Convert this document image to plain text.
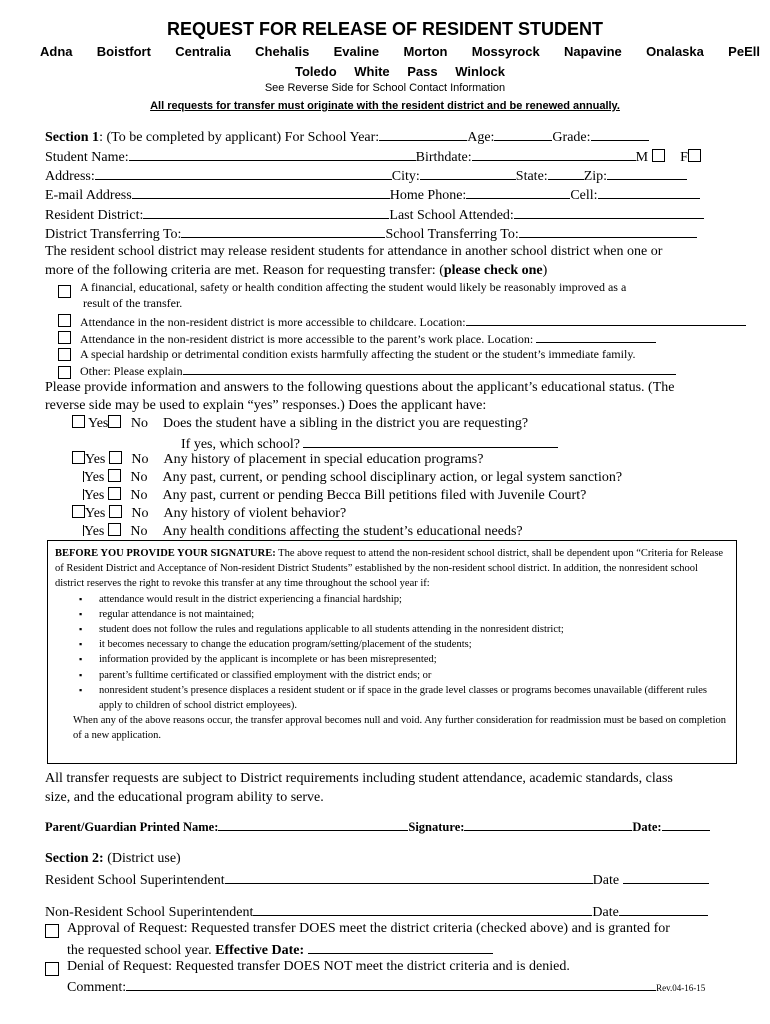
REQUEST FOR RELEASE OF RESIDENT STUDENT
Adna Boistfort Centralia Chehalis Evaline Morton Mossyrock Napavine Onalaska PeEll
Toledo White Pass Winlock
See Reverse Side for School Contact Information
All requests for transfer must originate with the resident district and be renewed annually.
Section 1: (To be completed by applicant) For School Year:	Age:	Grade:
Student Name:	Birthdate:	M F
Address:	City:	State:	Zip:
E-mail Address	Home Phone:	Cell:
Resident District:	Last School Attended:
District Transferring To:	School Transferring To:
The resident school district may release resident students for attendance in another school district when one or
more of the following criteria are met. Reason for requesting transfer: (please check one)
A financial, educational, safety or health condition affecting the student would likely be reasonably improved as a
result of the transfer.
Attendance in the non-resident district is more accessible to childcare. Location:
Attendance in the non-resident district is more accessible to the parent’s work place. Location:
A special hardship or detrimental condition exists harmfully affecting the student or the student’s immediate family.
Other: Please explain
Please provide information and answers to the following questions about the applicant’s educational status. (The
reverse side may be used to explain “yes” responses.) Does the applicant have:
Yes No Does the student have a sibling in the district you are requesting?
If yes, which school?
Yes No Any history of placement in special education programs?
Yes No Any past, current, or pending school disciplinary action, or legal system sanction?
Yes No Any past, current or pending Becca Bill petitions filed with Juvenile Court?
Yes No Any history of violent behavior?
Yes No Any health conditions affecting the student’s educational needs?
BEFORE YOU PROVIDE YOUR SIGNATURE: The above request to attend the non-resident school district, shall be dependent upon “Criteria for Release of Resident District and Acceptance of Non-resident District Students” established by the non-resident school district. In addition, the nonresident school district reserves the right to revoke this transfer at any time throughout the school year if:
▪ attendance would result in the district experiencing a financial hardship;
▪ regular attendance is not maintained;
▪ student does not follow the rules and regulations applicable to all students attending in the nonresident district;
▪ it becomes necessary to change the education program/setting/placement of the students;
▪ information provided by the applicant is incomplete or has been misrepresented;
▪ parent’s fulltime certificated or classified employment with the district ends; or
▪ nonresident student’s presence displaces a resident student or if space in the grade level classes or programs becomes unavailable (different rules apply to children of school district employees).
When any of the above reasons occur, the transfer approval becomes null and void. Any further consideration for readmission must be based on completion of a new application.
All transfer requests are subject to District requirements including student attendance, academic standards, class
size, and the educational program ability to serve.
Parent/Guardian Printed Name:	Signature:	Date:
Section 2: (District use)
Resident School Superintendent	Date
Non-Resident School Superintendent	Date
Approval of Request: Requested transfer DOES meet the district criteria (checked above) and is granted for
the requested school year. Effective Date:
Denial of Request: Requested transfer DOES NOT meet the district criteria and is denied.
Comment:	Rev.04-16-15
